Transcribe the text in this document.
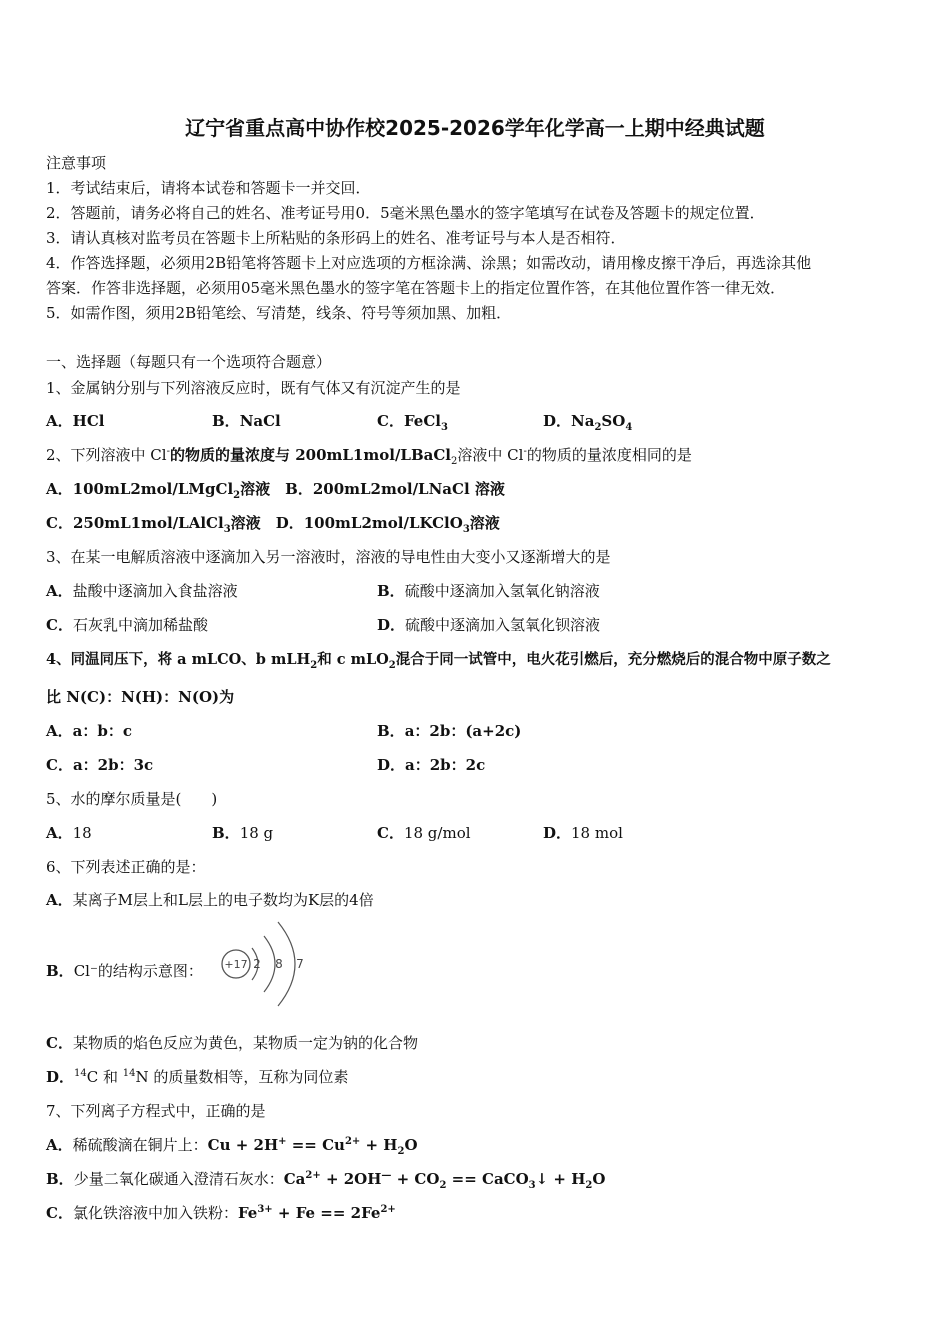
辽宁省重点高中协作校2025-2026学年化学高一上期中经典试题
注意事项
1．考试结束后，请将本试卷和答题卡一并交回．
2．答题前，请务必将自己的姓名、准考证号用0．5毫米黑色墨水的签字笔填写在试卷及答题卡的规定位置．
3．请认真核对监考员在答题卡上所粘贴的条形码上的姓名、准考证号与本人是否相符．
4．作答选择题，必须用2B铅笔将答题卡上对应选项的方框涂满、涂黑；如需改动，请用橡皮擦干净后，再选涂其他
答案．作答非选择题，必须用05毫米黑色墨水的签字笔在答题卡上的指定位置作答，在其他位置作答一律无效．
5．如需作图，须用2B铅笔绘、写清楚，线条、符号等须加黑、加粗．
一、选择题（每题只有一个选项符合题意）
1、金属钠分别与下列溶液反应时，既有气体又有沉淀产生的是
A．HCl	B．NaCl	C．FeCl$_3$	D．$Na_2SO_4$
2、下列溶液中 Cl-的物质的量浓度与 200mL1mol/LBaCl$_2$溶液中 Cl-的物质的量浓度相同的是
A．100mL2mol/LMgCl$_2$溶液　 B．200mL2mol/LNaCl 溶液
C．250mL1mol/LAlCl$_3$溶液　 D．100mL2mol/LKClO$_3$溶液
3、在某一电解质溶液中逐滴加入另一溶液时，溶液的导电性由大变小又逐渐增大的是
A．盐酸中逐滴加入食盐溶液	B．硫酸中逐滴加入氢氧化钠溶液
C．石灰乳中滴加稀盐酸	D．硫酸中逐滴加入氢氧化钡溶液
4、同温同压下，将 a mLCO、b mLH$_2$和 c mLO$_2$混合于同一试管中，电火花引燃后，充分燃烧后的混合物中原子数之
比 N(C)：N(H)：N(O)为
A．a：b：c	B．a：2b：(a+2c)
C．a：2b：3c	D．a：2b：2c
5、水的摩尔质量是(　　)
A．18	B．18 g	C．18 g/mol	D．18 mol
6、下列表述正确的是：
A．某离子M层上和L层上的电子数均为K层的4倍
B．Cl⁻的结构示意图： +17 2 8 7
C．某物质的焰色反应为黄色，某物质一定为钠的化合物
D．$^{14}$C 和 $^{14}$N 的质量数相等，互称为同位素
7、下列离子方程式中，正确的是
A．稀硫酸滴在铜片上：$Cu + 2H^+ == Cu^{2+} + H_2O$
B．少量二氧化碳通入澄清石灰水：$Ca^{2+} + 2OH^— + CO_2$ == CaCO$_3$↓ + $H_2O$
C．氯化铁溶液中加入铁粉：$Fe^{3+} + Fe == 2Fe^{2+}$
